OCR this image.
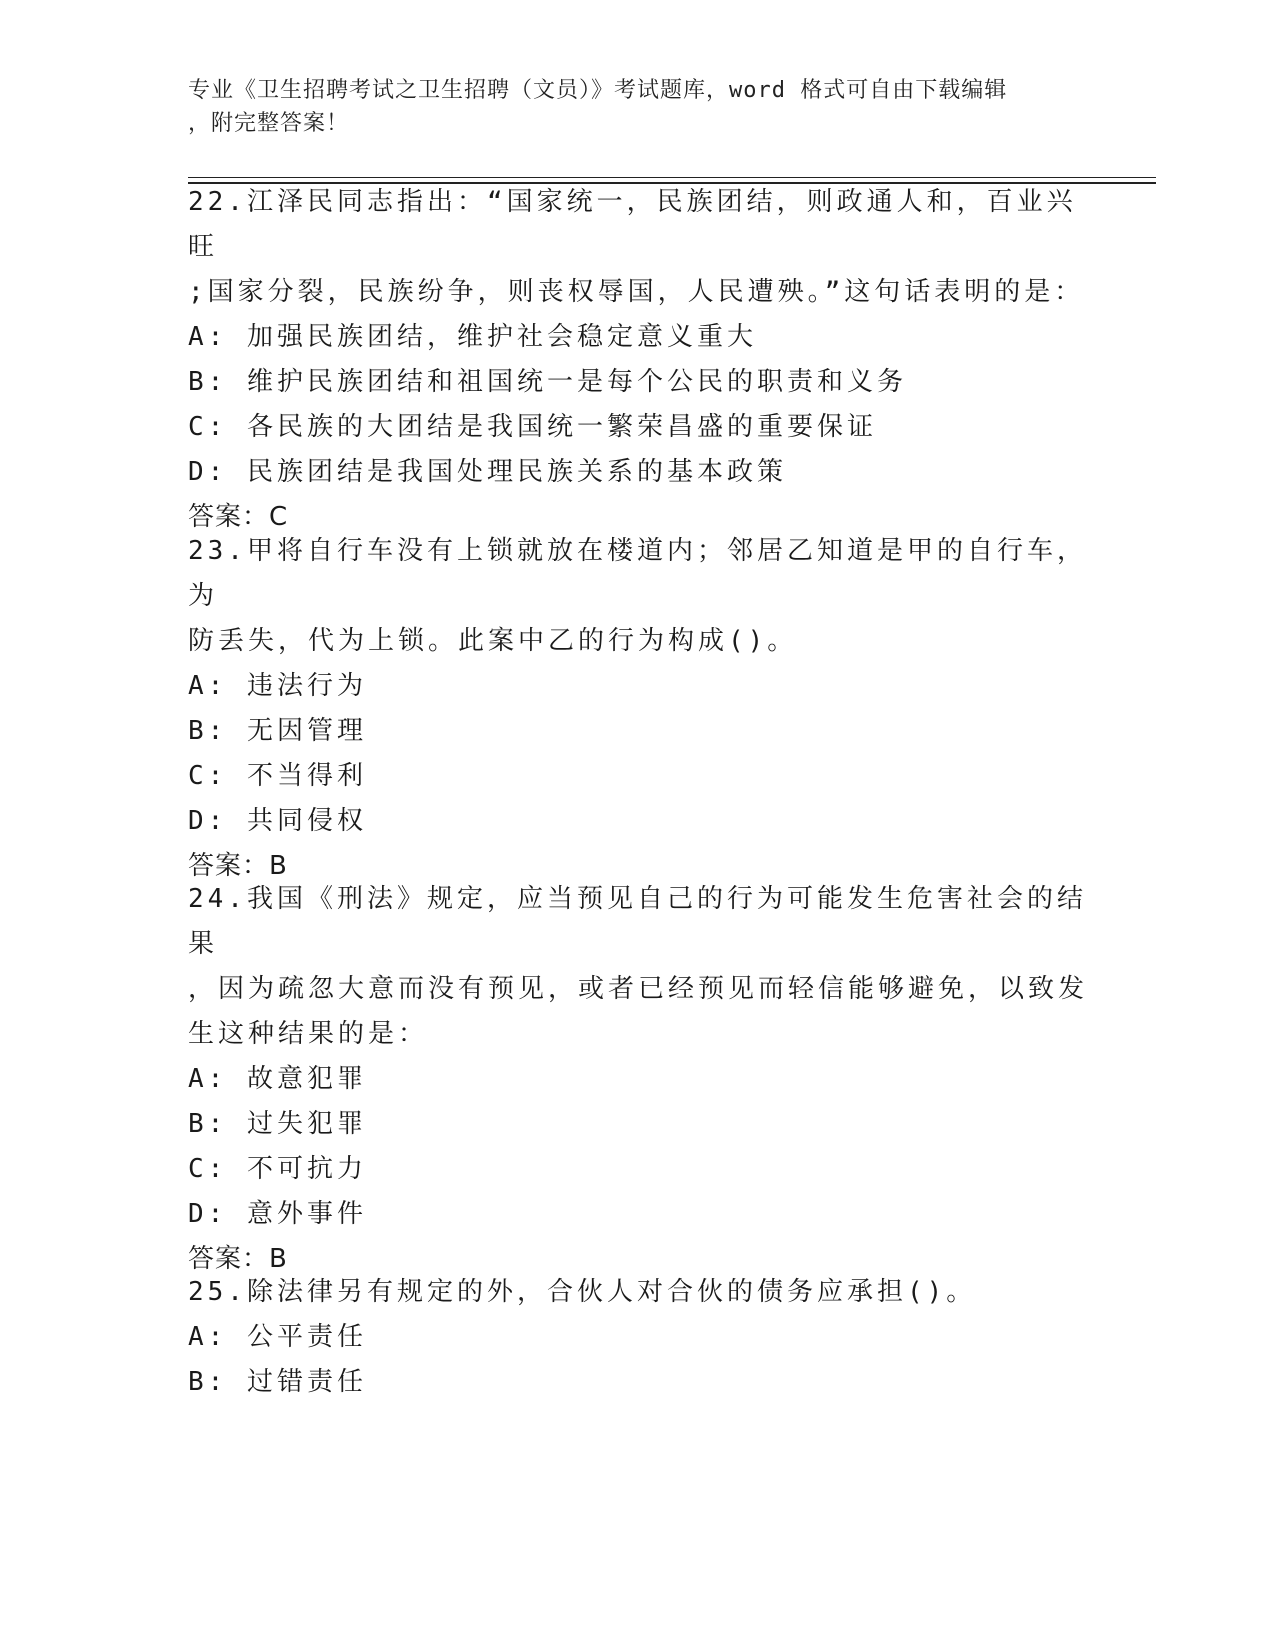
专业《卫生招聘考试之卫生招聘（文员）》考试题库，word 格式可自由下载编辑
，附完整答案！
22.江泽民同志指出：“国家统一，民族团结，则政通人和，百业兴旺
;国家分裂，民族纷争，则丧权辱国，人民遭殃。”这句话表明的是：
A: 加强民族团结，维护社会稳定意义重大
B: 维护民族团结和祖国统一是每个公民的职责和义务
C: 各民族的大团结是我国统一繁荣昌盛的重要保证
D: 民族团结是我国处理民族关系的基本政策
答案：C
23.甲将自行车没有上锁就放在楼道内；邻居乙知道是甲的自行车，为
防丢失，代为上锁。此案中乙的行为构成()。
A: 违法行为
B: 无因管理
C: 不当得利
D: 共同侵权
答案：B
24.我国《刑法》规定，应当预见自己的行为可能发生危害社会的结果
，因为疏忽大意而没有预见，或者已经预见而轻信能够避免，以致发
生这种结果的是：
A: 故意犯罪
B: 过失犯罪
C: 不可抗力
D: 意外事件
答案：B
25.除法律另有规定的外，合伙人对合伙的债务应承担()。
A: 公平责任
B: 过错责任
